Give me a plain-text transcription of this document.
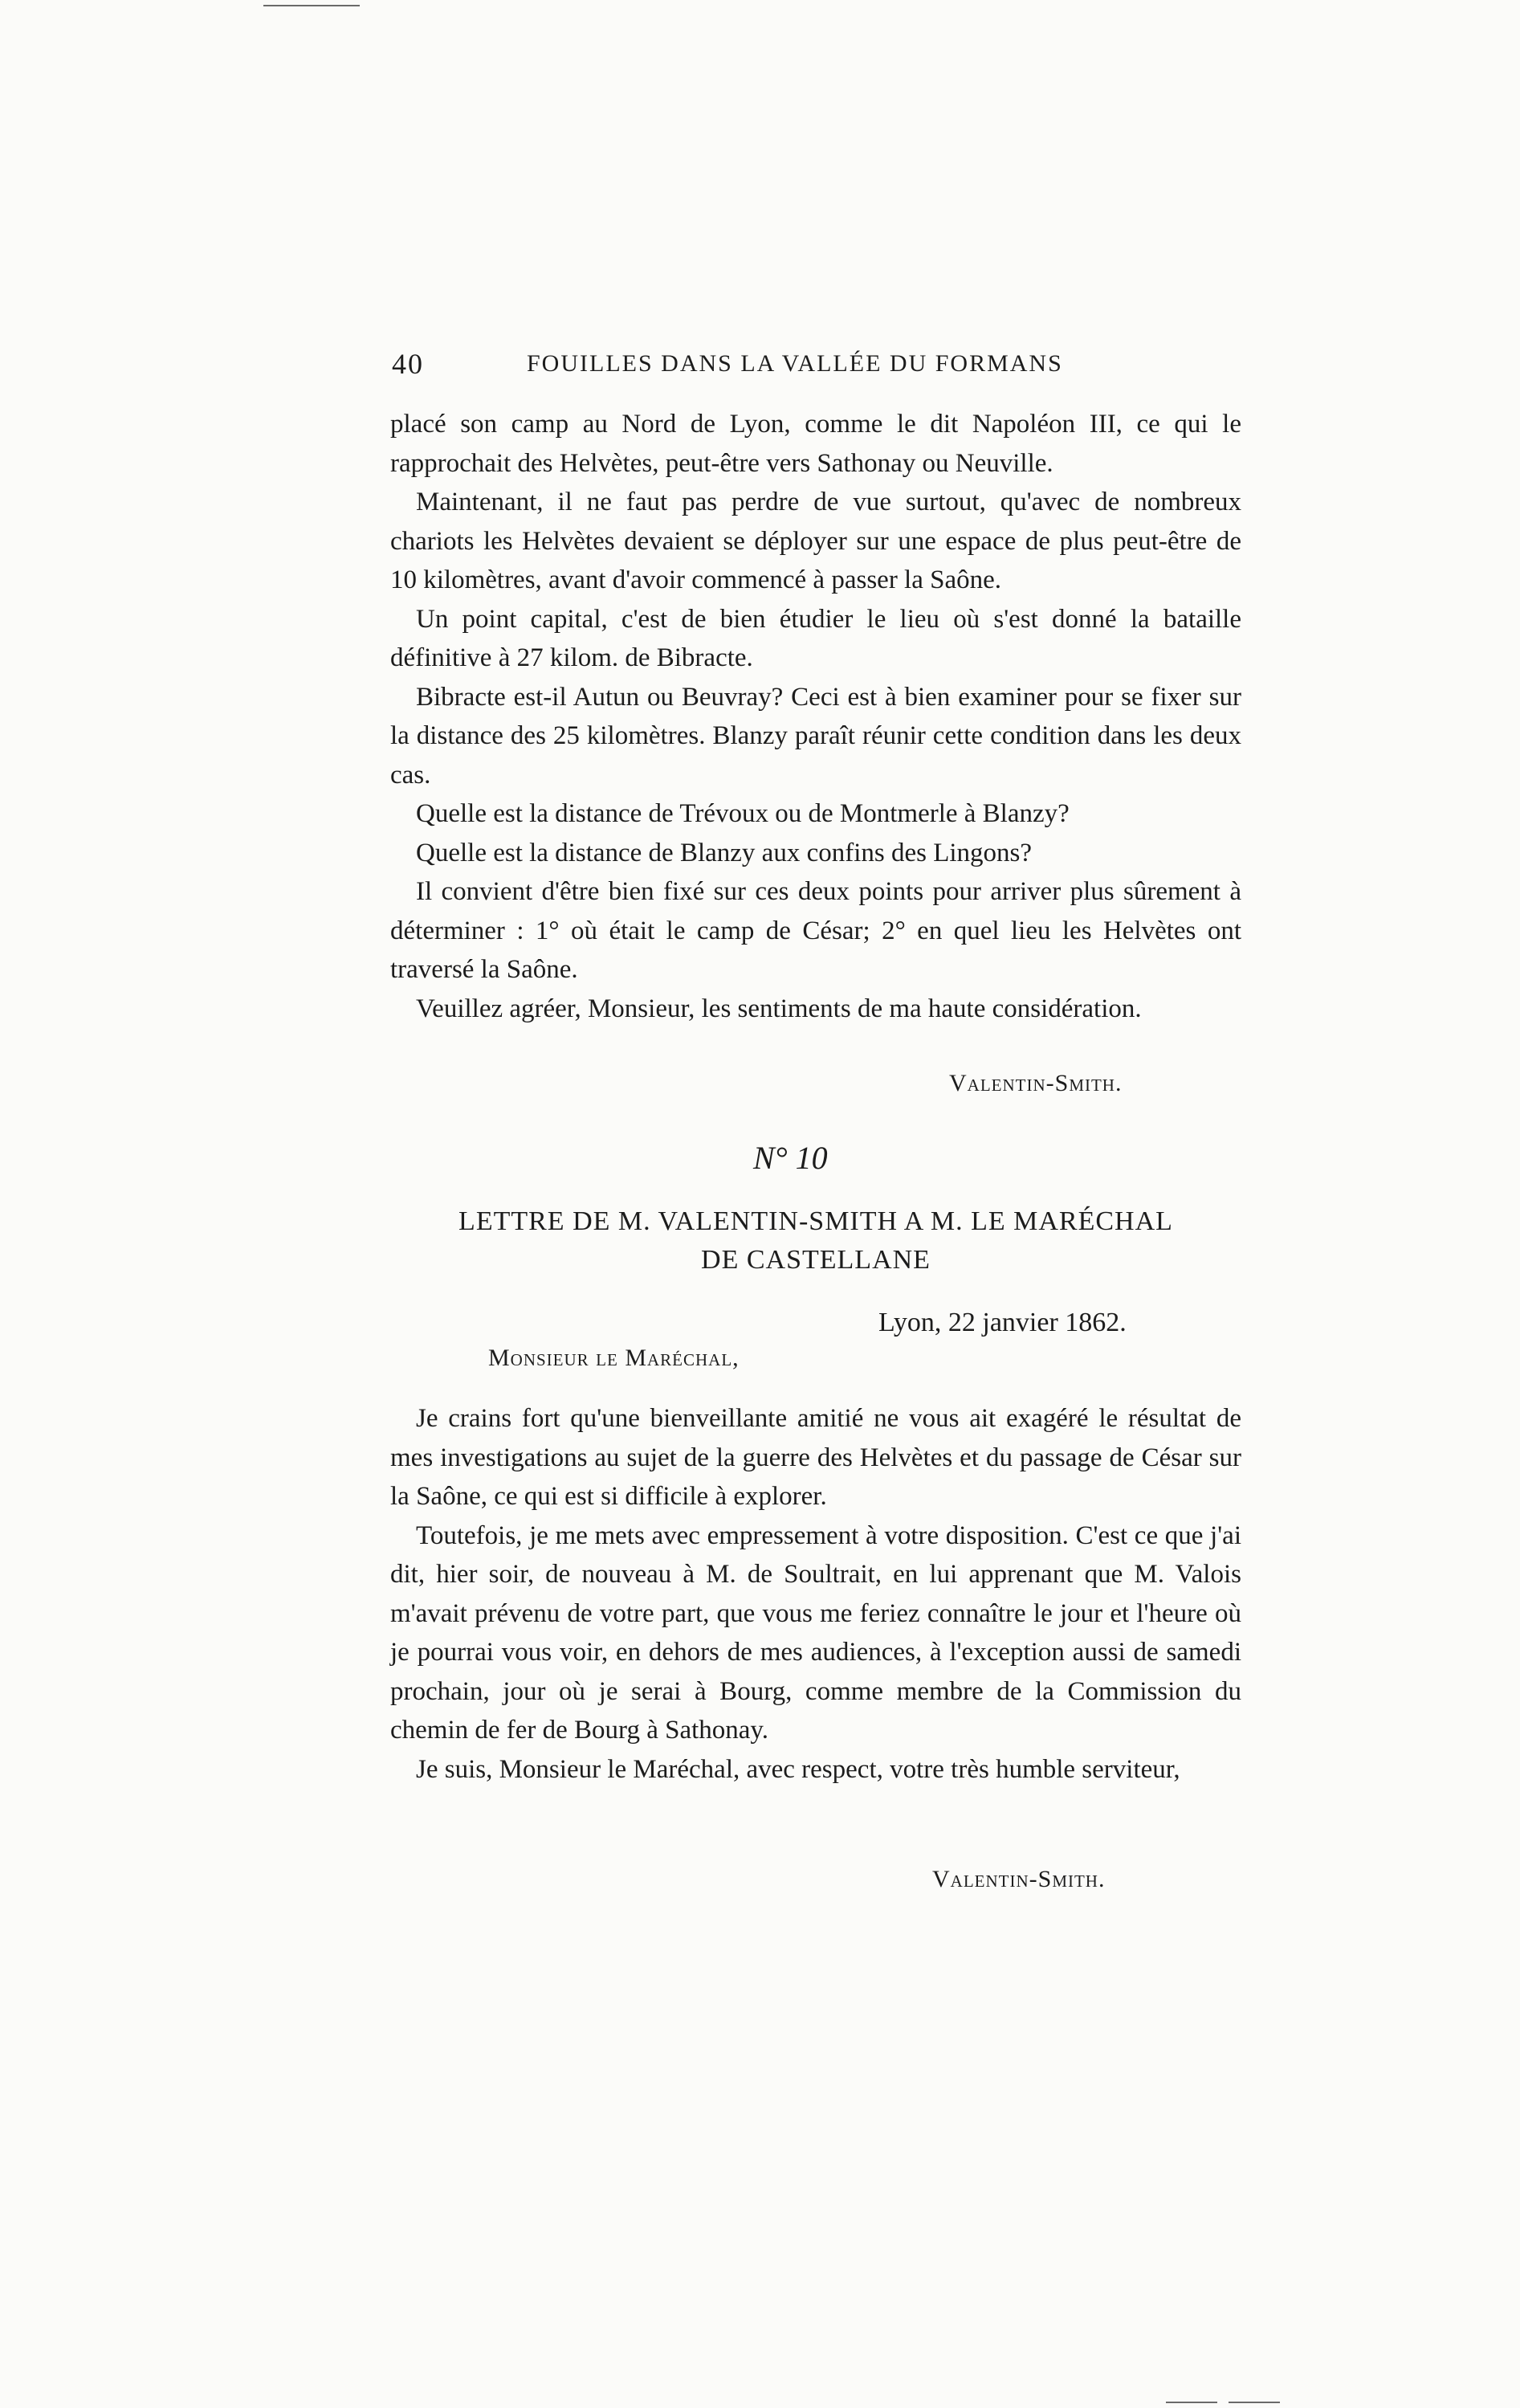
40	FOUILLES DANS LA VALLÉE DU FORMANS

placé son camp au Nord de Lyon, comme le dit Napoléon III, ce qui le rapprochait des Helvètes, peut-être vers Sathonay ou Neuville.

Maintenant, il ne faut pas perdre de vue surtout, qu'avec de nombreux chariots les Helvètes devaient se déployer sur une espace de plus peut-être de 10 kilomètres, avant d'avoir commencé à passer la Saône.

Un point capital, c'est de bien étudier le lieu où s'est donné la bataille définitive à 27 kilom. de Bibracte.

Bibracte est-il Autun ou Beuvray? Ceci est à bien examiner pour se fixer sur la distance des 25 kilomètres. Blanzy paraît réunir cette condition dans les deux cas.

Quelle est la distance de Trévoux ou de Montmerle à Blanzy?

Quelle est la distance de Blanzy aux confins des Lingons?

Il convient d'être bien fixé sur ces deux points pour arriver plus sûrement à déterminer : 1° où était le camp de César; 2° en quel lieu les Helvètes ont traversé la Saône.

Veuillez agréer, Monsieur, les sentiments de ma haute considération.

Valentin-Smith.
N° 10
LETTRE DE M. VALENTIN-SMITH A M. LE MARÉCHAL
DE CASTELLANE
Lyon, 22 janvier 1862.
Monsieur le Maréchal,

Je crains fort qu'une bienveillante amitié ne vous ait exagéré le résultat de mes investigations au sujet de la guerre des Helvètes et du passage de César sur la Saône, ce qui est si difficile à explorer.

Toutefois, je me mets avec empressement à votre disposition. C'est ce que j'ai dit, hier soir, de nouveau à M. de Soultrait, en lui apprenant que M. Valois m'avait prévenu de votre part, que vous me feriez connaître le jour et l'heure où je pourrai vous voir, en dehors de mes audiences, à l'exception aussi de samedi prochain, jour où je serai à Bourg, comme membre de la Commission du chemin de fer de Bourg à Sathonay.

Je suis, Monsieur le Maréchal, avec respect, votre très humble serviteur,

Valentin-Smith.
